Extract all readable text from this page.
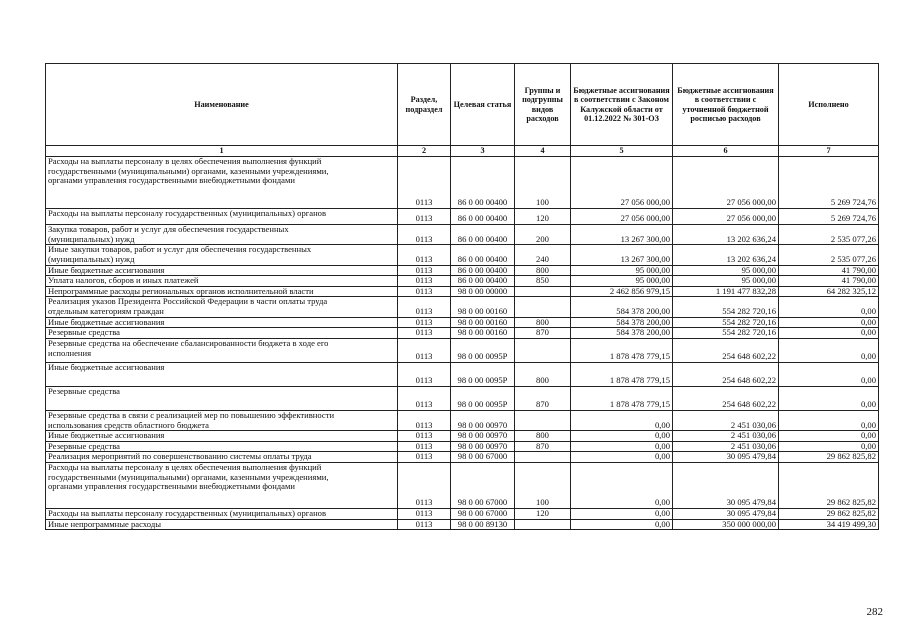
Наименование	Раздел, подраздел	Целевая статья	Группы и подгруппы видов расходов	Бюджетные ассигнования в соответствии с Законом Калужской области от 01.12.2022 № 301-ОЗ	Бюджетные ассигнования в соответствии с уточненной бюджетной росписью расходов	Исполнено
1	2	3	4	5	6	7
Расходы на выплаты персоналу в целях обеспечения выполнения функций
государственными (муниципальными) органами, казенными учреждениями,
органами управления государственными внебюджетными фондами	0113	86 0 00 00400	100	27 056 000,00	27 056 000,00	5 269 724,76
Расходы на выплаты персоналу государственных (муниципальных) органов	0113	86 0 00 00400	120	27 056 000,00	27 056 000,00	5 269 724,76
Закупка товаров, работ и услуг для обеспечения государственных
(муниципальных) нужд	0113	86 0 00 00400	200	13 267 300,00	13 202 636,24	2 535 077,26
Иные закупки товаров, работ и услуг для обеспечения государственных
(муниципальных) нужд	0113	86 0 00 00400	240	13 267 300,00	13 202 636,24	2 535 077,26
Иные бюджетные ассигнования	0113	86 0 00 00400	800	95 000,00	95 000,00	41 790,00
Уплата налогов, сборов и иных платежей	0113	86 0 00 00400	850	95 000,00	95 000,00	41 790,00
Непрограммные расходы региональных органов исполнительной власти	0113	98 0 00 00000		2 462 856 979,15	1 191 477 832,28	64 282 325,12
Реализация указов Президента Российской Федерации в части оплаты труда
отдельным категориям граждан	0113	98 0 00 00160		584 378 200,00	554 282 720,16	0,00
Иные бюджетные ассигнования	0113	98 0 00 00160	800	584 378 200,00	554 282 720,16	0,00
Резервные средства	0113	98 0 00 00160	870	584 378 200,00	554 282 720,16	0,00
Резервные средства на обеспечение сбалансированности бюджета в ходе его
исполнения	0113	98 0 00 0095Р		1 878 478 779,15	254 648 602,22	0,00
Иные бюджетные ассигнования	0113	98 0 00 0095Р	800	1 878 478 779,15	254 648 602,22	0,00
Резервные средства	0113	98 0 00 0095Р	870	1 878 478 779,15	254 648 602,22	0,00
Резервные средства в связи с реализацией мер по повышению эффективности
использования средств областного бюджета	0113	98 0 00 00970		0,00	2 451 030,06	0,00
Иные бюджетные ассигнования	0113	98 0 00 00970	800	0,00	2 451 030,06	0,00
Резервные средства	0113	98 0 00 00970	870	0,00	2 451 030,06	0,00
Реализация мероприятий по совершенствованию системы оплаты труда	0113	98 0 00 67000		0,00	30 095 479,84	29 862 825,82
Расходы на выплаты персоналу в целях обеспечения выполнения функций
государственными (муниципальными) органами, казенными учреждениями,
органами управления государственными внебюджетными фондами	0113	98 0 00 67000	100	0,00	30 095 479,84	29 862 825,82
Расходы на выплаты персоналу государственных (муниципальных) органов	0113	98 0 00 67000	120	0,00	30 095 479,84	29 862 825,82
Иные непрограммные расходы	0113	98 0 00 89130		0,00	350 000 000,00	34 419 499,30
282
